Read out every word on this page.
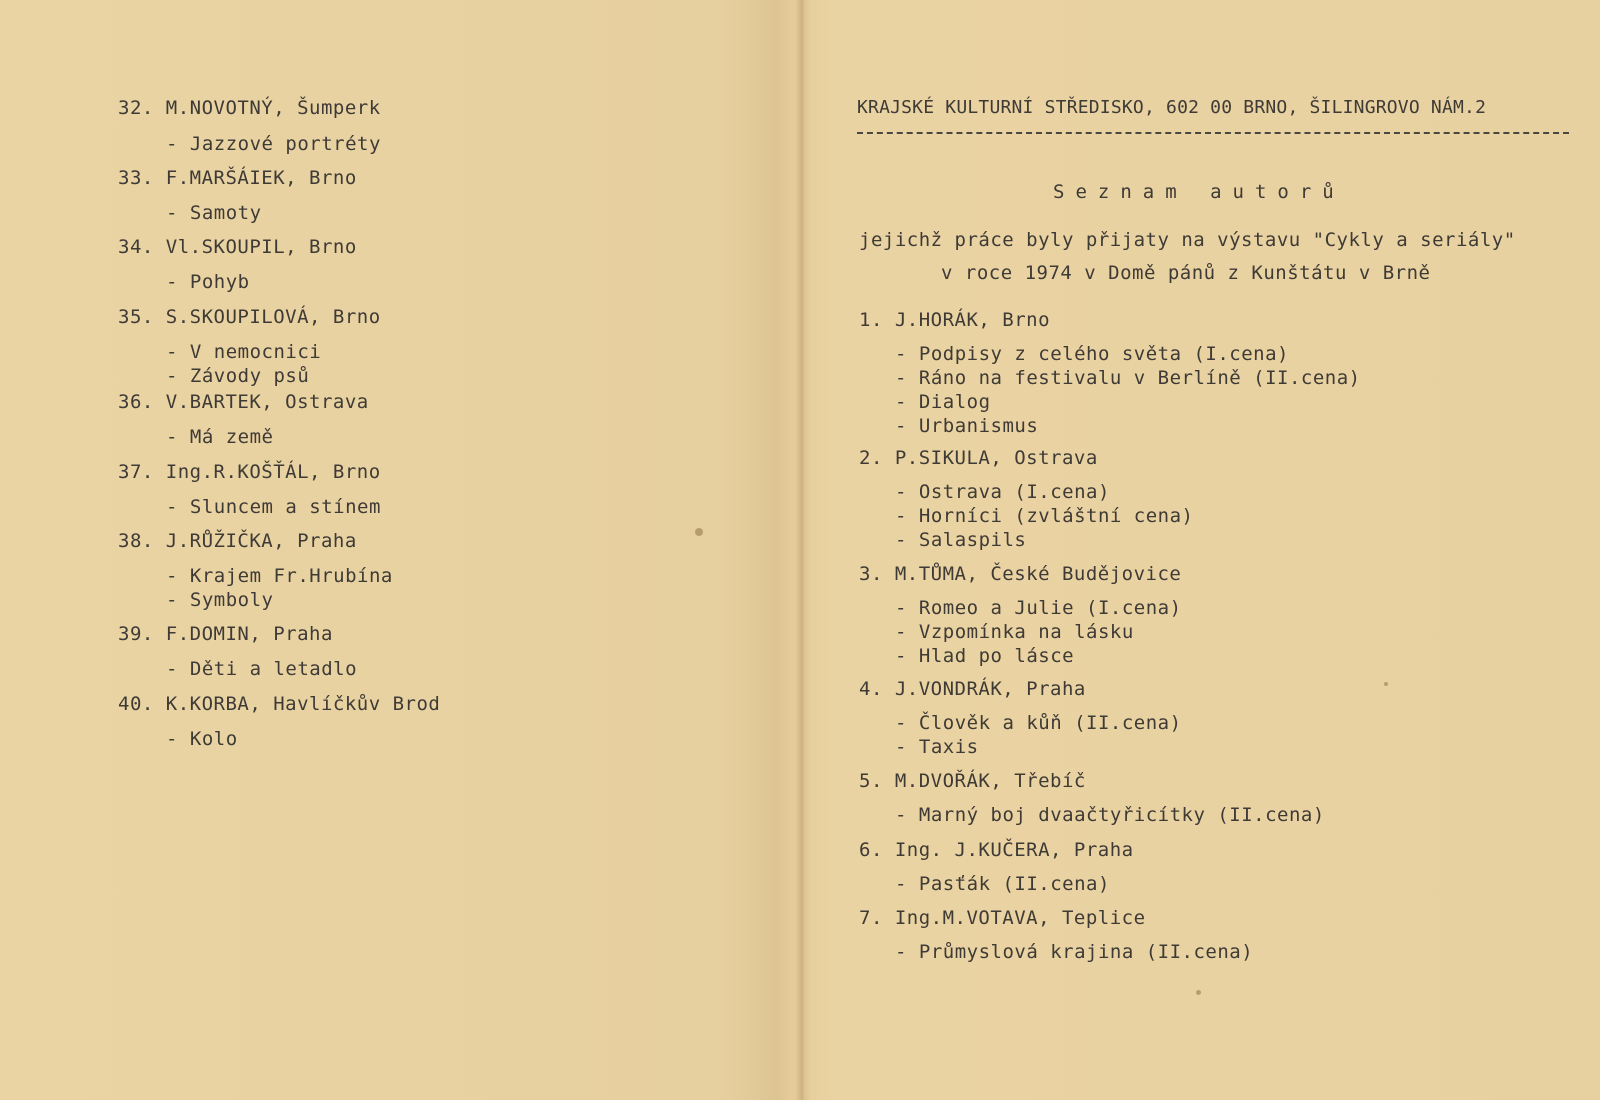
32. M.NOVOTNÝ, Šumperk
- Jazzové portréty
33. F.MARŠÁIEK, Brno
- Samoty
34. Vl.SKOUPIL, Brno
- Pohyb
35. S.SKOUPILOVÁ, Brno
- V nemocnici
- Závody psů
36. V.BARTEK, Ostrava
- Má země
37. Ing.R.KOŠŤÁL, Brno
- Sluncem a stínem
38. J.RŮŽIČKA, Praha
- Krajem Fr.Hrubína
- Symboly
39. F.DOMIN, Praha
- Děti a letadlo
40. K.KORBA, Havlíčkův Brod
- Kolo
KRAJSKÉ KULTURNÍ STŘEDISKO, 602 00 BRNO, ŠILINGROVO NÁM.2
Seznam autorů
jejichž práce byly přijaty na výstavu "Cykly a seriály"
v roce 1974 v Domě pánů z Kunštátu v Brně
1. J.HORÁK, Brno
- Podpisy z celého světa (I.cena)
- Ráno na festivalu v Berlíně (II.cena)
- Dialog
- Urbanismus
2. P.SIKULA, Ostrava
- Ostrava (I.cena)
- Horníci (zvláštní cena)
- Salaspils
3. M.TŮMA, České Budějovice
- Romeo a Julie (I.cena)
- Vzpomínka na lásku
- Hlad po lásce
4. J.VONDRÁK, Praha
- Člověk a kůň (II.cena)
- Taxis
5. M.DVOŘÁK, Třebíč
- Marný boj dvaačtyřicítky (II.cena)
6. Ing. J.KUČERA, Praha
- Pasťák (II.cena)
7. Ing.M.VOTAVA, Teplice
- Průmyslová krajina (II.cena)
